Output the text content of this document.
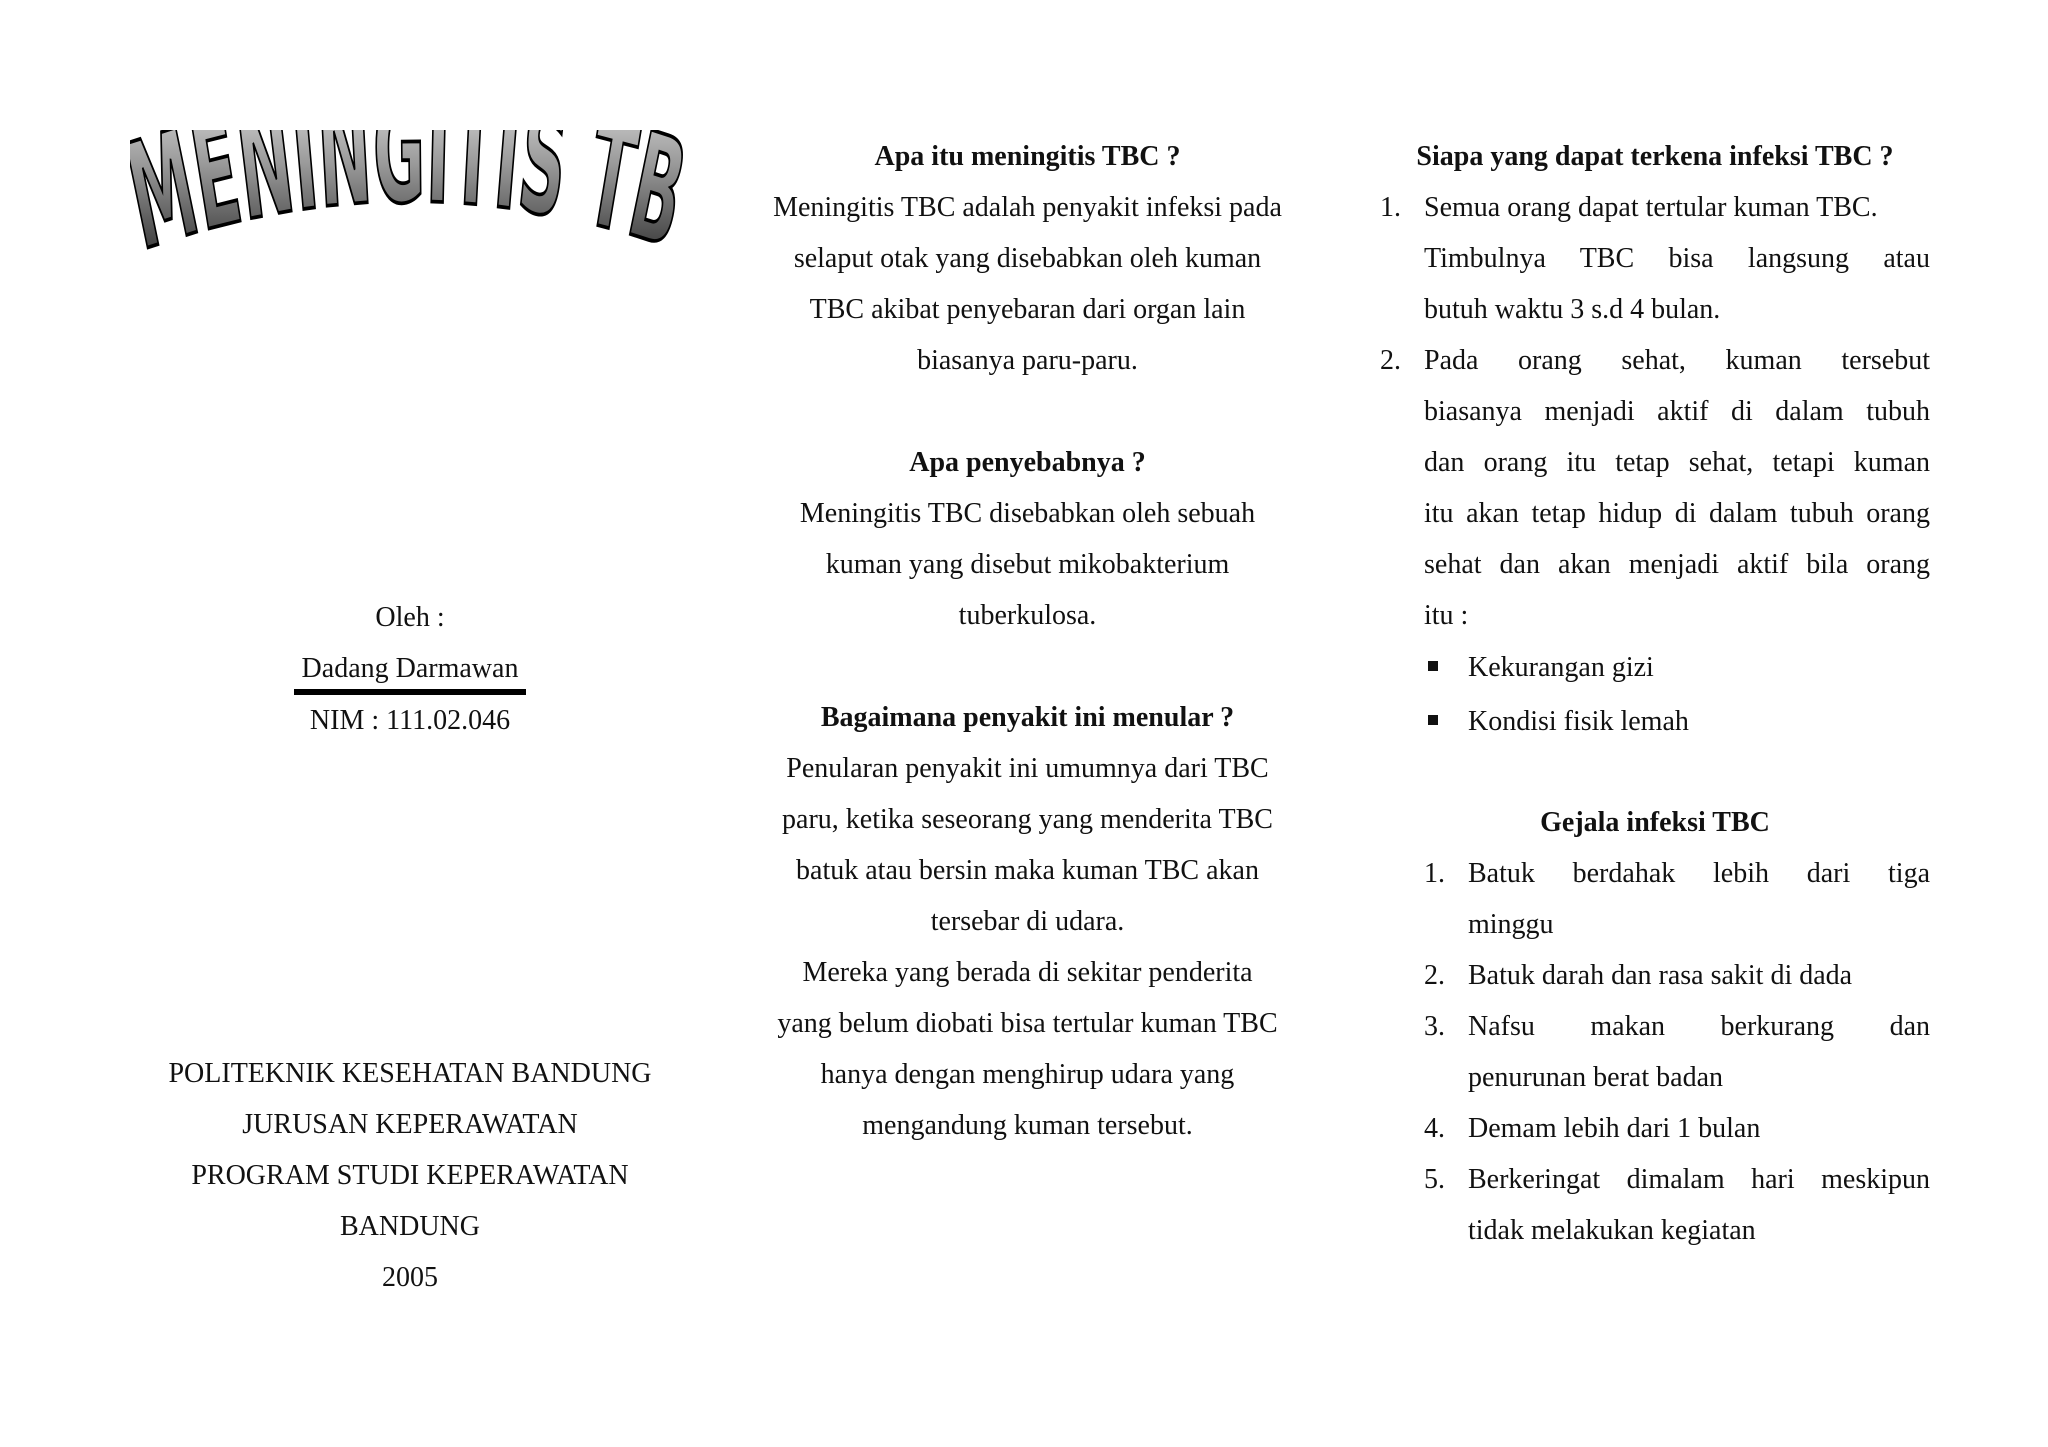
ENINGITIS T
Oleh :
Dadang Darmawan
NIM : 111.02.046
POLITEKNIK KESEHATAN BANDUNG
JURUSAN KEPERAWATAN
PROGRAM STUDI KEPERAWATAN
BANDUNG
2005
Apa itu meningitis TBC ?

Meningitis TBC adalah penyakit infeksi pada

selaput otak yang disebabkan oleh kuman

TBC akibat penyebaran dari organ lain

biasanya paru-paru.

Apa penyebabnya ?

Meningitis TBC disebabkan oleh sebuah

kuman yang disebut mikobakterium

tuberkulosa.

Bagaimana penyakit ini menular ?

Penularan penyakit ini umumnya dari TBC

paru, ketika seseorang yang menderita TBC

batuk atau bersin maka kuman TBC akan

tersebar di udara.

Mereka yang berada di sekitar penderita

yang belum diobati bisa tertular kuman TBC

hanya dengan menghirup udara yang

mengandung kuman tersebut.

Siapa yang dapat terkena infeksi TBC ?
1. Semua orang dapat tertular kuman TBC.
Timbulnya TBC bisa langsung atau
butuh waktu 3 s.d 4 bulan.
2. Pada orang sehat, kuman tersebut
biasanya menjadi aktif di dalam tubuh
dan orang itu tetap sehat, tetapi kuman
itu akan tetap hidup di dalam tubuh orang
sehat dan akan menjadi aktif bila orang
itu :
Kekurangan gizi
Kondisi fisik lemah
Gejala infeksi TBC
1. Batuk berdahak lebih dari tiga
minggu
2. Batuk darah dan rasa sakit di dada
3. Nafsu makan berkurang dan
penurunan berat badan
4. Demam lebih dari 1 bulan
5. Berkeringat dimalam hari meskipun
tidak melakukan kegiatan
